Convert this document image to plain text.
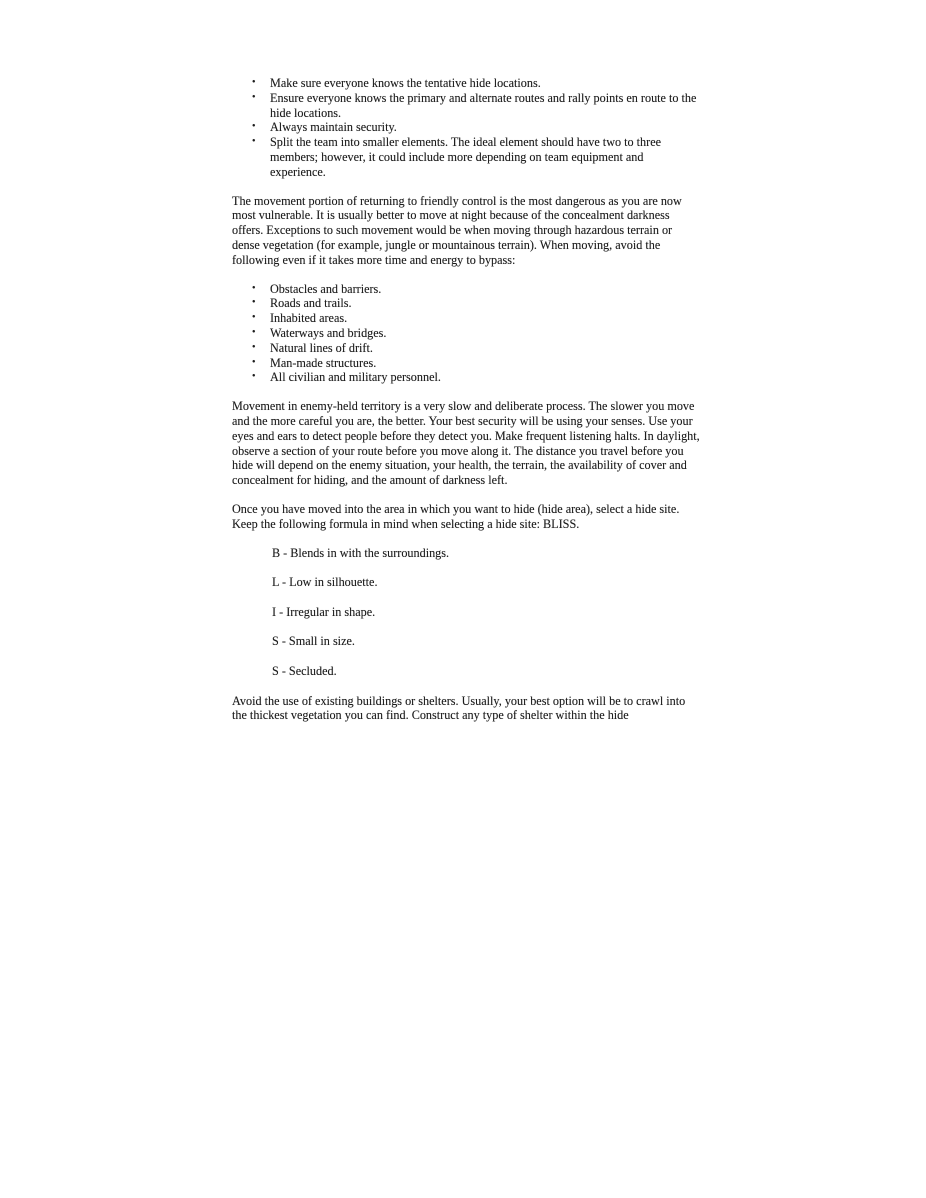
• Make sure everyone knows the tentative hide locations.
• Ensure everyone knows the primary and alternate routes and rally points en route to the hide locations.
• Always maintain security.
• Split the team into smaller elements. The ideal element should have two to three members; however, it could include more depending on team equipment and experience.

The movement portion of returning to friendly control is the most dangerous as you are now most vulnerable. It is usually better to move at night because of the concealment darkness offers. Exceptions to such movement would be when moving through hazardous terrain or dense vegetation (for example, jungle or mountainous terrain). When moving, avoid the following even if it takes more time and energy to bypass:

• Obstacles and barriers.
• Roads and trails.
• Inhabited areas.
• Waterways and bridges.
• Natural lines of drift.
• Man-made structures.
• All civilian and military personnel.

Movement in enemy-held territory is a very slow and deliberate process. The slower you move and the more careful you are, the better. Your best security will be using your senses. Use your eyes and ears to detect people before they detect you. Make frequent listening halts. In daylight, observe a section of your route before you move along it. The distance you travel before you hide will depend on the enemy situation, your health, the terrain, the availability of cover and concealment for hiding, and the amount of darkness left.

Once you have moved into the area in which you want to hide (hide area), select a hide site. Keep the following formula in mind when selecting a hide site: BLISS.

B - Blends in with the surroundings.
L - Low in silhouette.
I - Irregular in shape.
S - Small in size.
S - Secluded.

Avoid the use of existing buildings or shelters. Usually, your best option will be to crawl into the thickest vegetation you can find. Construct any type of shelter within the hide
